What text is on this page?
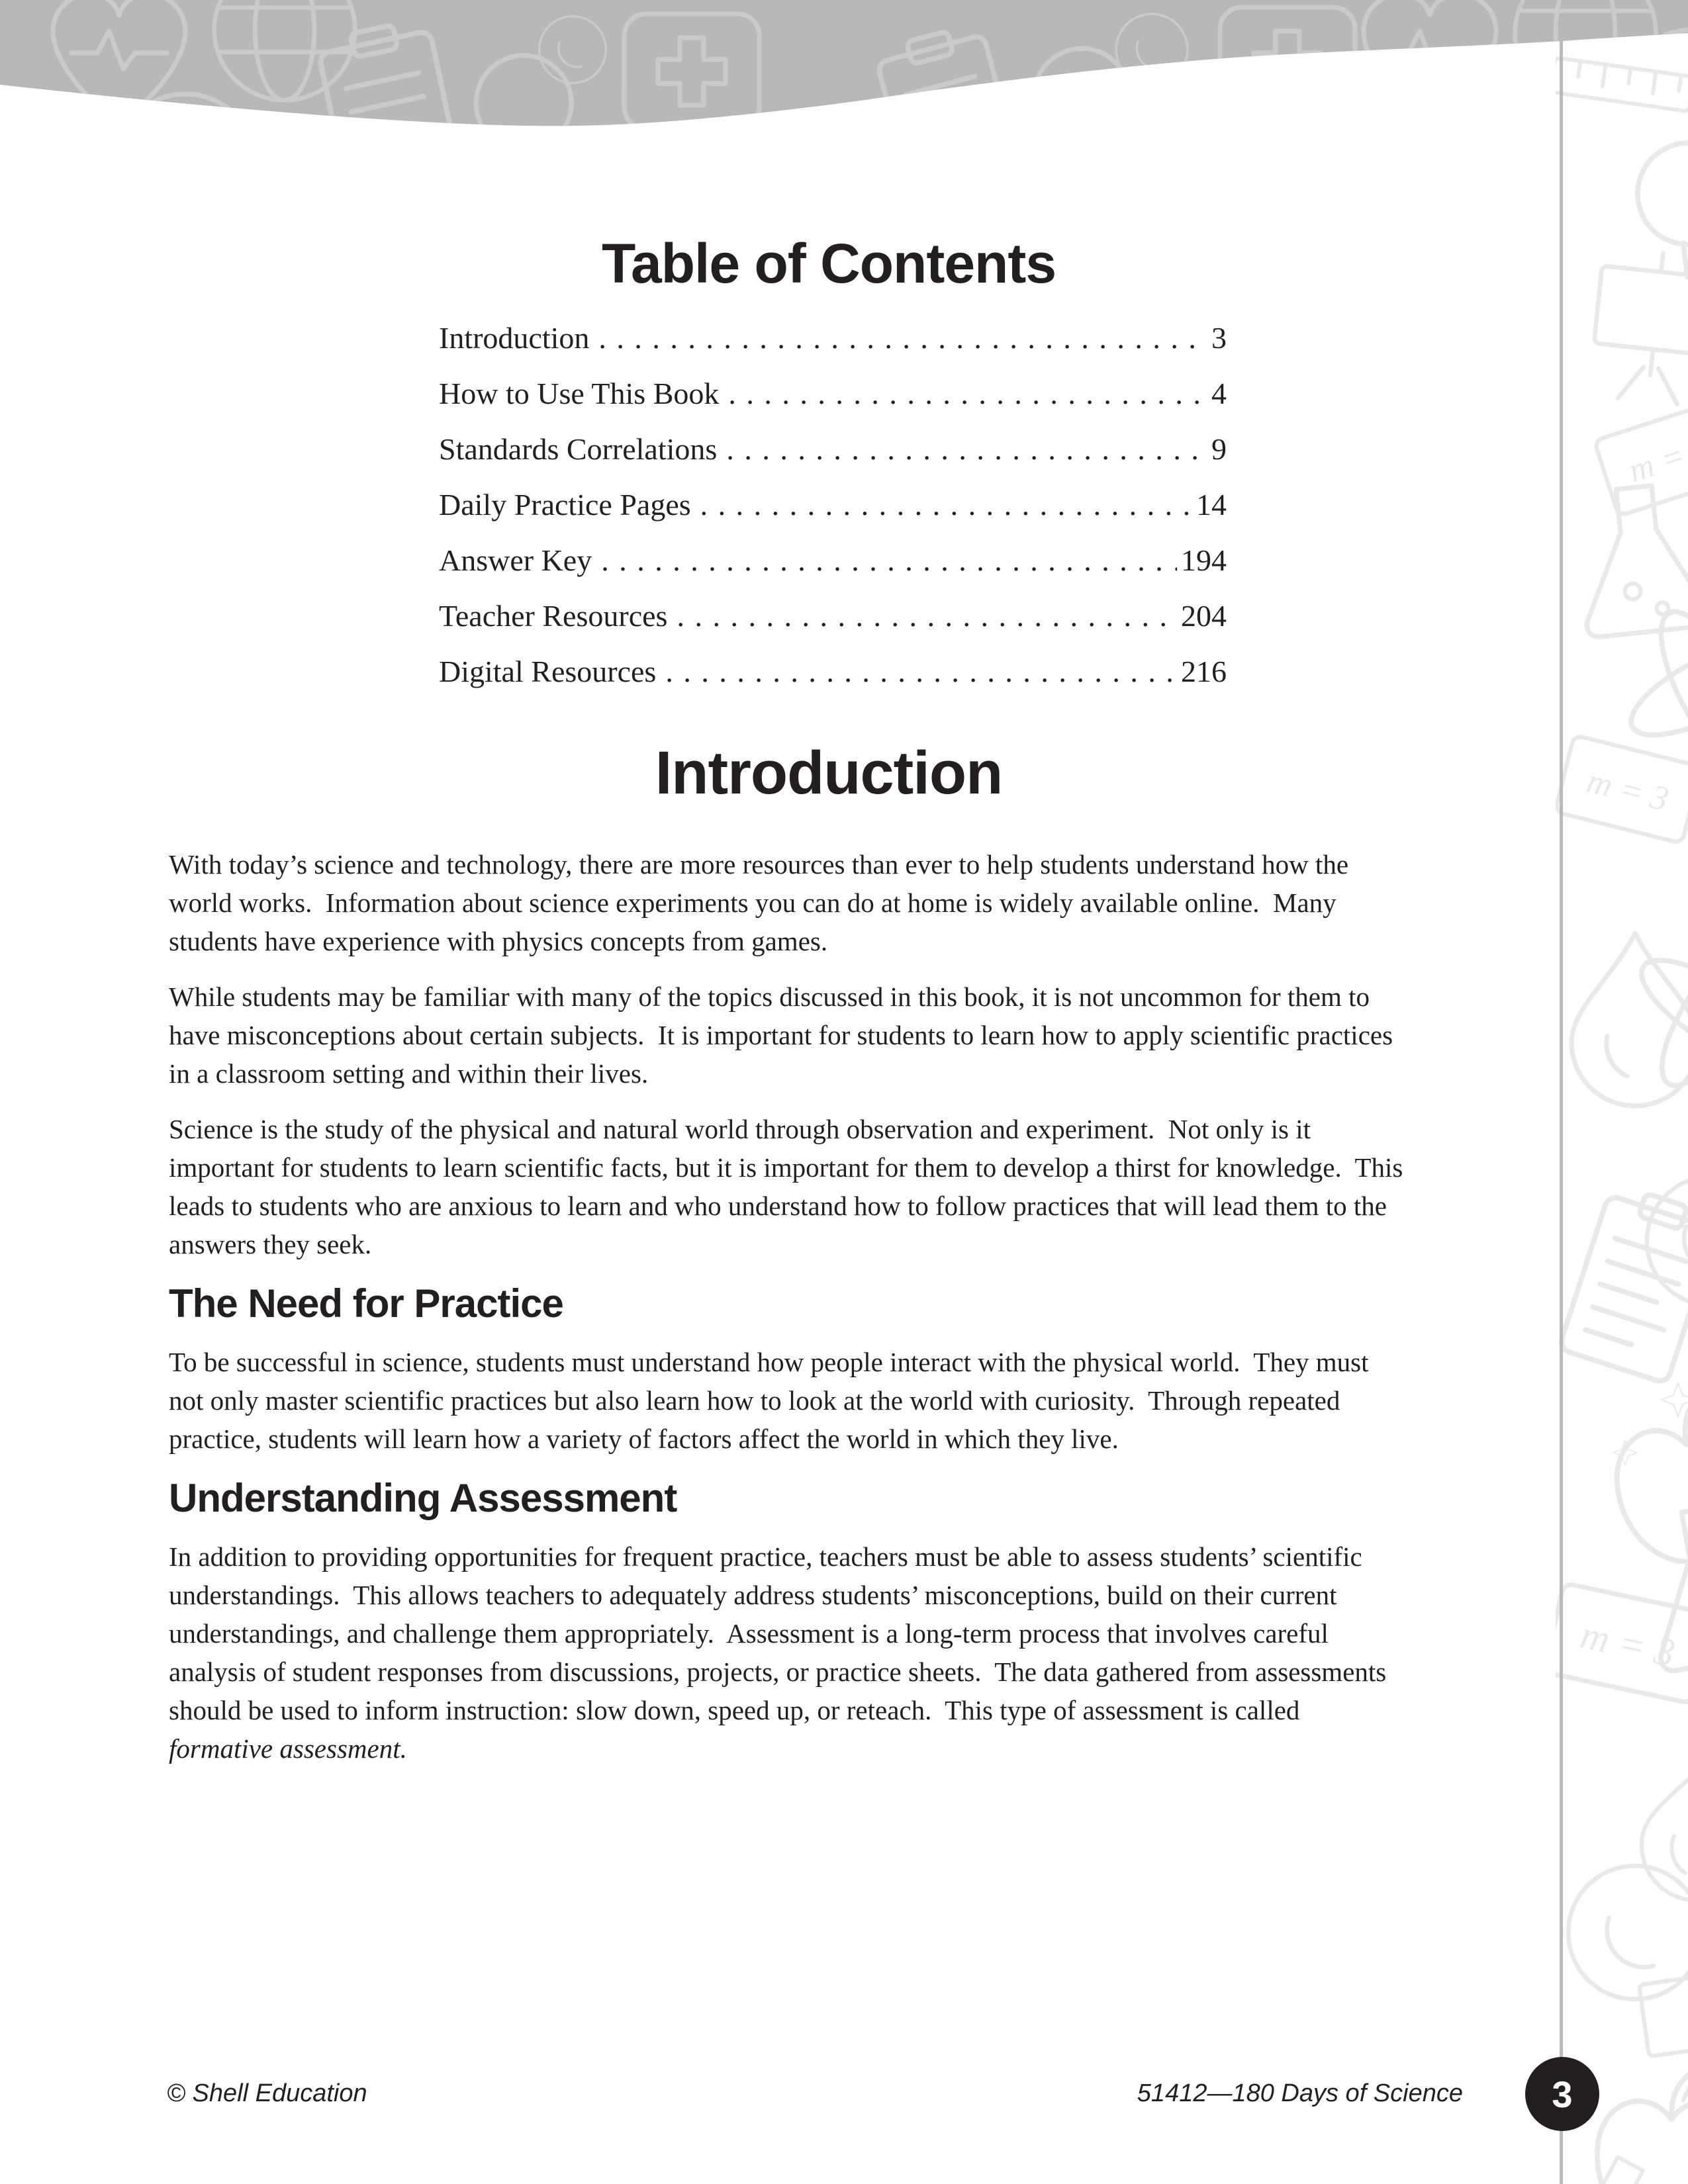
Table of Contents
Introduction . . .	3
How to Use This Book . . .	4
Standards Correlations . . .	9
Daily Practice Pages . . .	14
Answer Key . . .	194
Teacher Resources . . .	204
Digital Resources . . .	216
Introduction

With today’s science and technology, there are more resources than ever to help students understand how the world works.  Information about science experiments you can do at home is widely available online.  Many students have experience with physics concepts from games.

While students may be familiar with many of the topics discussed in this book, it is not uncommon for them to have misconceptions about certain subjects.  It is important for students to learn how to apply scientific practices in a classroom setting and within their lives.

Science is the study of the physical and natural world through observation and experiment.  Not only is it important for students to learn scientific facts, but it is important for them to develop a thirst for knowledge.  This leads to students who are anxious to learn and who understand how to follow practices that will lead them to the answers they seek.

The Need for Practice

To be successful in science, students must understand how people interact with the physical world.  They must not only master scientific practices but also learn how to look at the world with curiosity.  Through repeated practice, students will learn how a variety of factors affect the world in which they live.

Understanding Assessment

In addition to providing opportunities for frequent practice, teachers must be able to assess students’ scientific understandings.  This allows teachers to adequately address students’ misconceptions, build on their current understandings, and challenge them appropriately.  Assessment is a long-term process that involves careful analysis of student responses from discussions, projects, or practice sheets.  The data gathered from assessments should be used to inform instruction: slow down, speed up, or reteach.  This type of assessment is called formative assessment.

© Shell Education	51412—180 Days of Science 3
